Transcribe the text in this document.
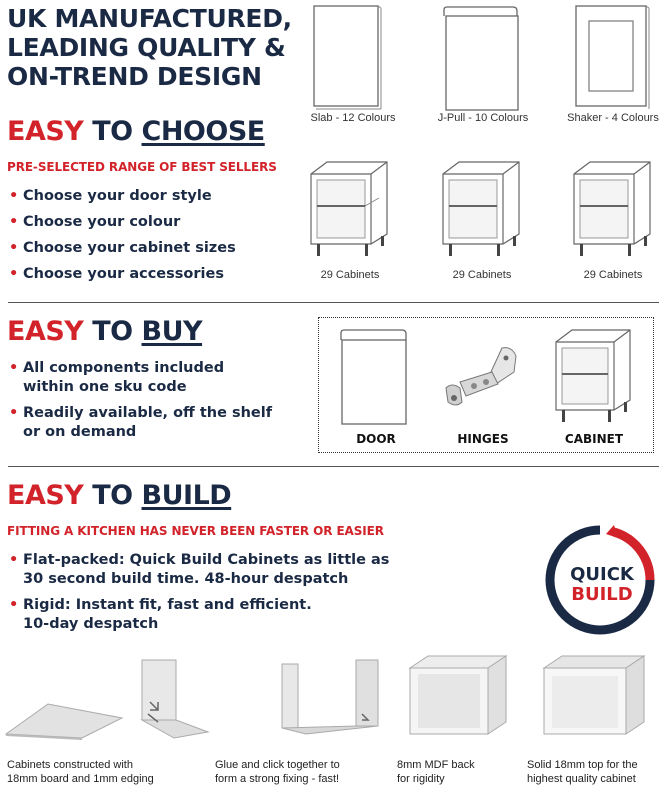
UK MANUFACTURED,
LEADING QUALITY &
ON-TREND DESIGN
EASY TO CHOOSE
PRE-SELECTED RANGE OF BEST SELLERS
• Choose your door style
• Choose your colour
• Choose your cabinet sizes
• Choose your accessories
Slab - 12 Colours	J-Pull - 10 Colours	Shaker - 4 Colours
29 Cabinets	29 Cabinets	29 Cabinets
EASY TO BUY
• All components included
within one sku code
• Readily available, off the shelf
or on demand	DOOR	HINGES	CABINET
EASY TO BUILD
FITTING A KITCHEN HAS NEVER BEEN FASTER OR EASIER
• Flat-packed: Quick Build Cabinets as little as
30 second build time. 48-hour despatch
• Rigid: Instant fit, fast and efficient.
10-day despatch
QUICK
BUILD
Cabinets constructed with
18mm board and 1mm edging
Glue and click together to
form a strong fixing - fast!
8mm MDF back
for rigidity
Solid 18mm top for the
highest quality cabinet
